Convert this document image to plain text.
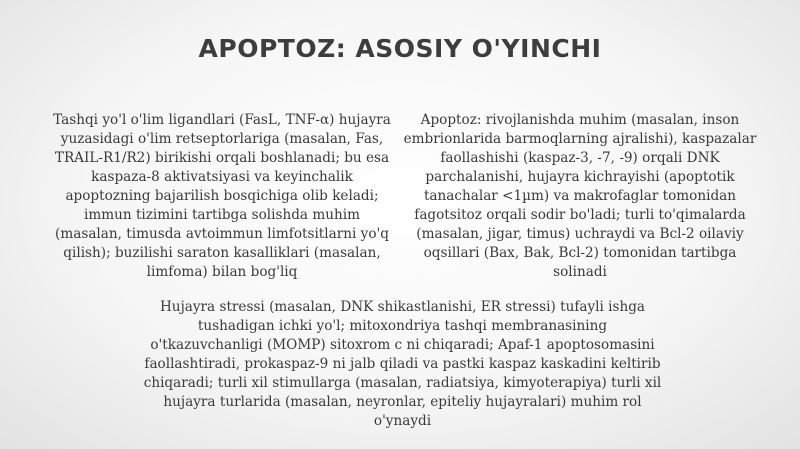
APOPTOZ: ASOSIY O'YINCHI

Tashqi yo'l o'lim ligandlari (FasL, TNF-α) hujayra yuzasidagi o'lim retseptorlariga (masalan, Fas, TRAIL-R1/R2) birikishi orqali boshlanadi; bu esa kaspaza-8 aktivatsiyasi va keyinchalik apoptozning bajarilish bosqichiga olib keladi; immun tizimini tartibga solishda muhim (masalan, timusda avtoimmun limfotsitlarni yo'q qilish); buzilishi saraton kasalliklari (masalan, limfoma) bilan bog'liq

Apoptoz: rivojlanishda muhim (masalan, inson embrionlarida barmoqlarning ajralishi), kaspazalar faollashishi (kaspaz-3, -7, -9) orqali DNK parchalanishi, hujayra kichrayishi (apoptotik tanachalar <1µm) va makrofaglar tomonidan fagotsitoz orqali sodir bo'ladi; turli to'qimalarda (masalan, jigar, timus) uchraydi va Bcl-2 oilaviy oqsillari (Bax, Bak, Bcl-2) tomonidan tartibga solinadi

Hujayra stressi (masalan, DNK shikastlanishi, ER stressi) tufayli ishga tushadigan ichki yo'l; mitoxondriya tashqi membranasining o'tkazuvchanligi (MOMP) sitoxrom c ni chiqaradi; Apaf-1 apoptosomasini faollashtiradi, prokaspaz-9 ni jalb qiladi va pastki kaspaz kaskadini keltirib chiqaradi; turli xil stimullarga (masalan, radiatsiya, kimyoterapiya) turli xil hujayra turlarida (masalan, neyronlar, epiteliy hujayralari) muhim rol o'ynaydi
